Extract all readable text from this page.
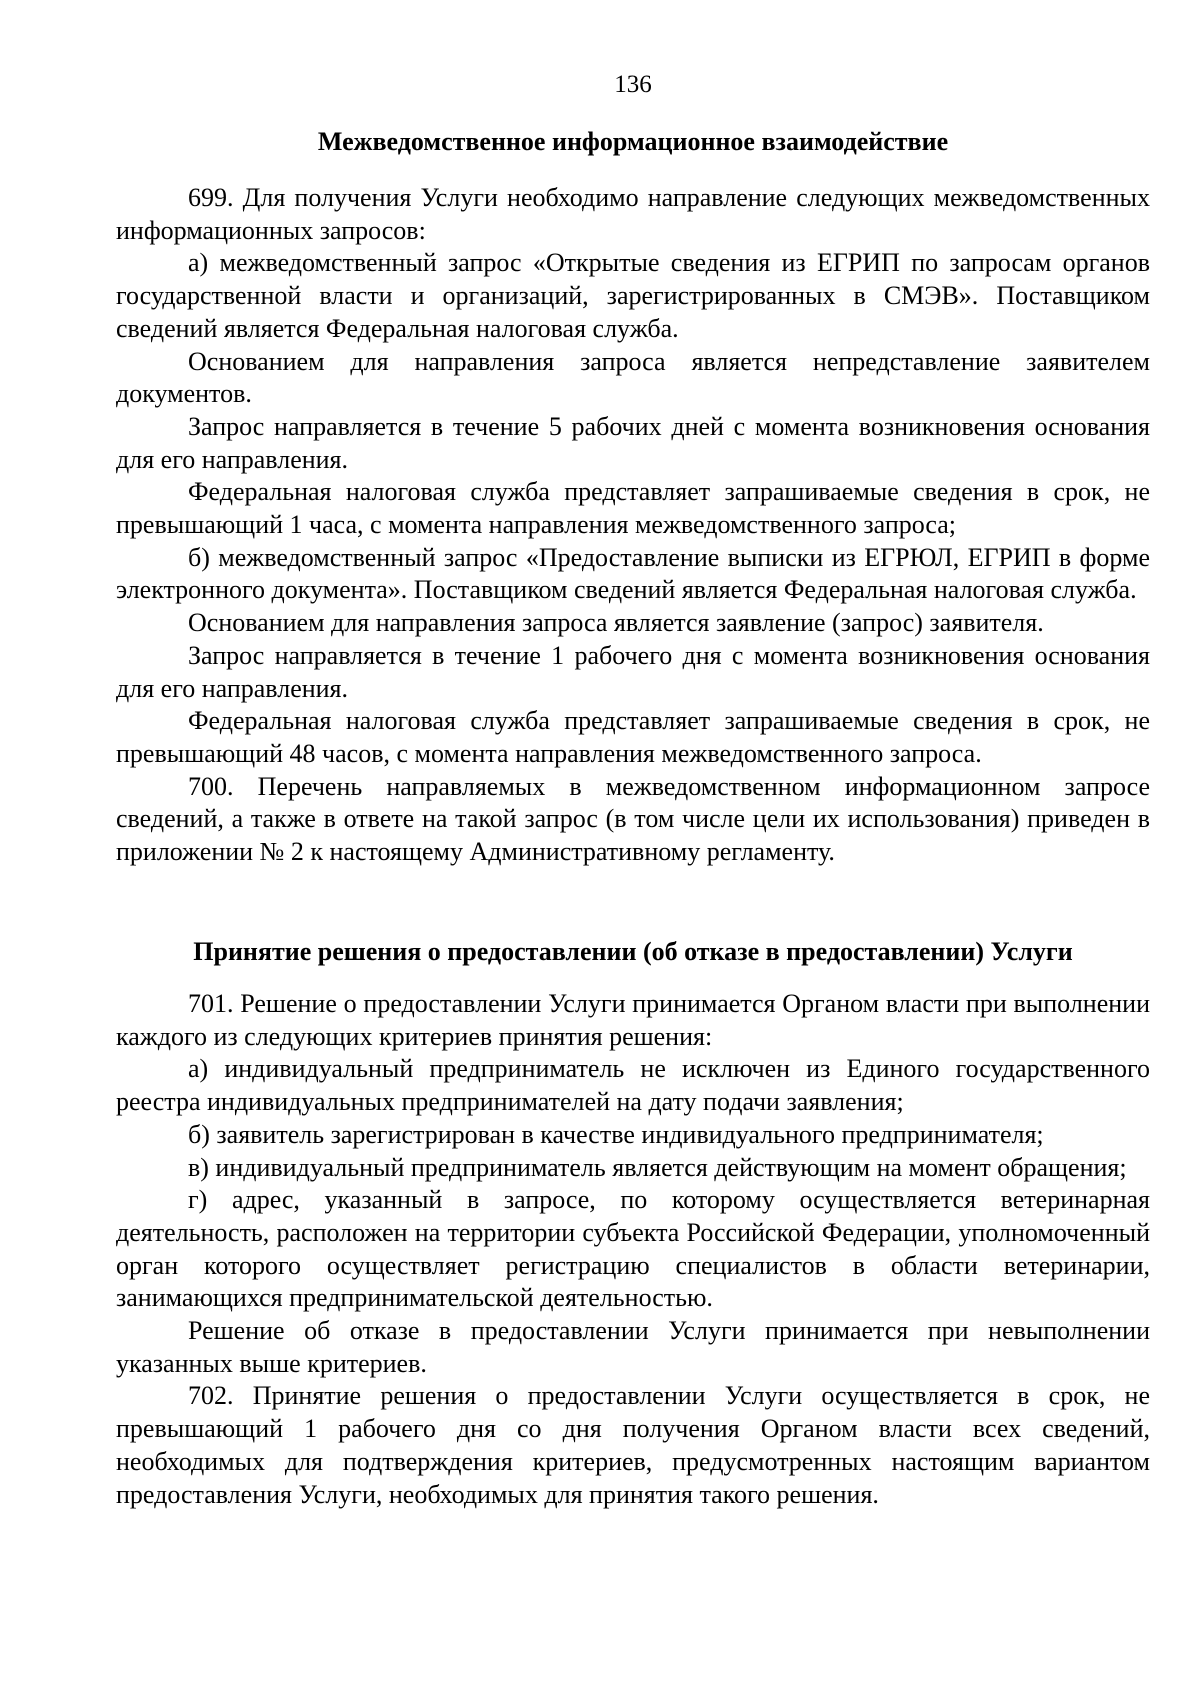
136
Межведомственное информационное взаимодействие

699. Для получения Услуги необходимо направление следующих межведомственных информационных запросов:

а) межведомственный запрос «Открытые сведения из ЕГРИП по запросам органов государственной власти и организаций, зарегистрированных в СМЭВ». Поставщиком сведений является Федеральная налоговая служба.

Основанием для направления запроса является непредставление заявителем документов.

Запрос направляется в течение 5 рабочих дней с момента возникновения основания для его направления.

Федеральная налоговая служба представляет запрашиваемые сведения в срок, не превышающий 1 часа, с момента направления межведомственного запроса;

б) межведомственный запрос «Предоставление выписки из ЕГРЮЛ, ЕГРИП в форме электронного документа». Поставщиком сведений является Федеральная налоговая служба.

Основанием для направления запроса является заявление (запрос) заявителя.

Запрос направляется в течение 1 рабочего дня с момента возникновения основания для его направления.

Федеральная налоговая служба представляет запрашиваемые сведения в срок, не превышающий 48 часов, с момента направления межведомственного запроса.

700. Перечень направляемых в межведомственном информационном запросе сведений, а также в ответе на такой запрос (в том числе цели их использования) приведен в приложении № 2 к настоящему Административному регламенту.

Принятие решения о предоставлении (об отказе в предоставлении) Услуги

701. Решение о предоставлении Услуги принимается Органом власти при выполнении каждого из следующих критериев принятия решения:

а) индивидуальный предприниматель не исключен из Единого государственного реестра индивидуальных предпринимателей на дату подачи заявления;

б) заявитель зарегистрирован в качестве индивидуального предпринимателя;

в) индивидуальный предприниматель является действующим на момент обращения;

г) адрес, указанный в запросе, по которому осуществляется ветеринарная деятельность, расположен на территории субъекта Российской Федерации, уполномоченный орган которого осуществляет регистрацию специалистов в области ветеринарии, занимающихся предпринимательской деятельностью.

Решение об отказе в предоставлении Услуги принимается при невыполнении указанных выше критериев.

702. Принятие решения о предоставлении Услуги осуществляется в срок, не превышающий 1 рабочего дня со дня получения Органом власти всех сведений, необходимых для подтверждения критериев, предусмотренных настоящим вариантом предоставления Услуги, необходимых для принятия такого решения.
